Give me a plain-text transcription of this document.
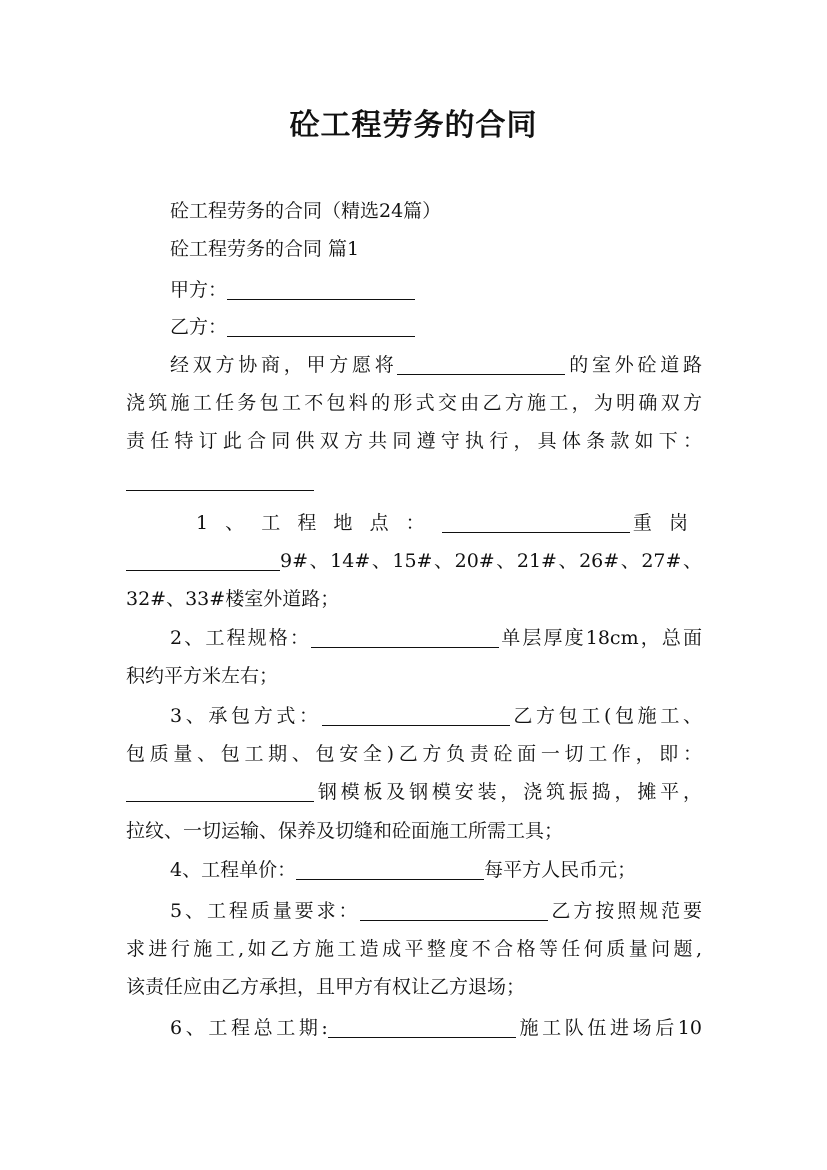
砼工程劳务的合同
砼工程劳务的合同（精选24篇）
砼工程劳务的合同 篇1
甲方：
乙方：
经双方协商，甲方愿将	的室外砼道路
浇筑施工任务包工不包料的形式交由乙方施工，为明确双方
责任特订此合同供双方共同遵守执行，具体条款如下：
1、工程地点：	重岗
9#、14#、15#、20#、21#、26#、27#、
32#、33#楼室外道路；
2、工程规格：	单层厚度18cm，总面
积约平方米左右；
3、承包方式：	乙方包工(包施工、
包质量、包工期、包安全)乙方负责砼面一切工作，即：
钢模板及钢模安装，浇筑振捣，摊平，
拉纹、一切运输、保养及切缝和砼面施工所需工具；
4、工程单价：	每平方人民币元；
5、工程质量要求：	乙方按照规范要
求进行施工,如乙方施工造成平整度不合格等任何质量问题,
该责任应由乙方承担，且甲方有权让乙方退场；
6、工程总工期:	施工队伍进场后10
